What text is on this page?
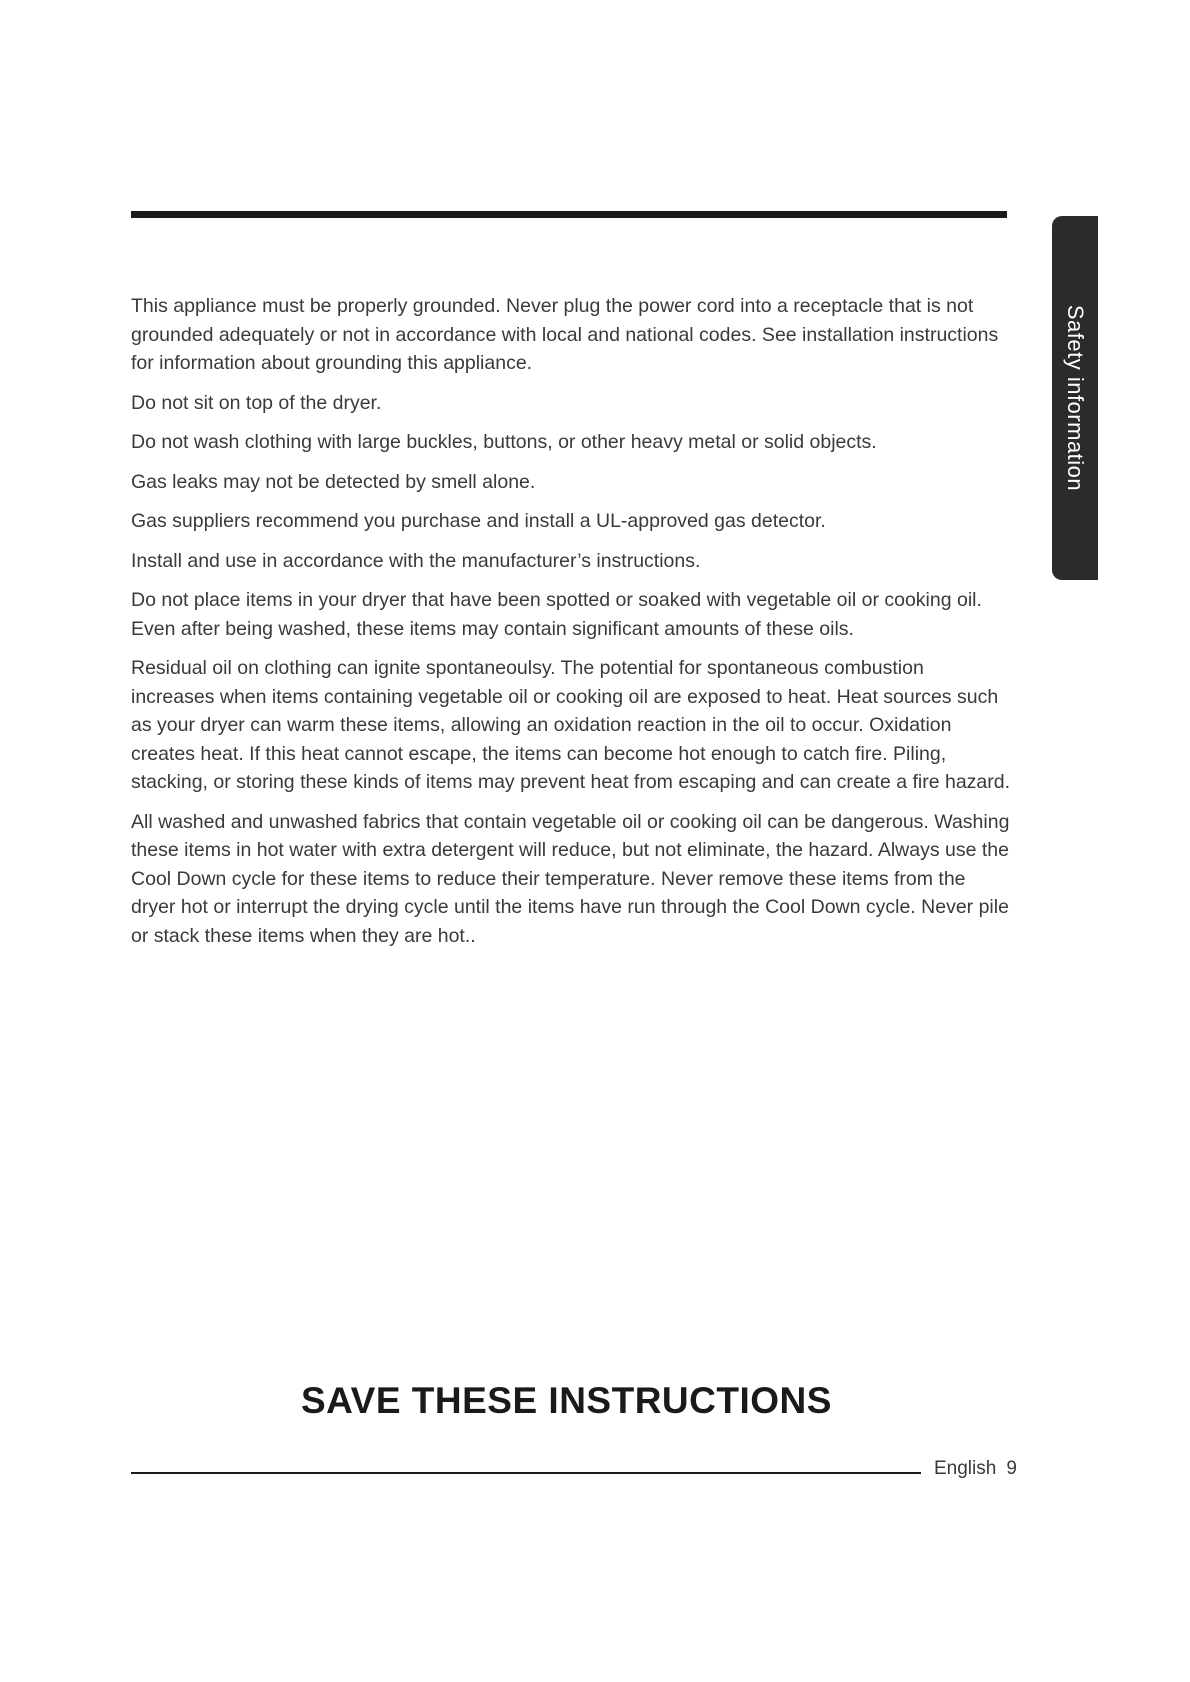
Safety information

This appliance must be properly grounded. Never plug the power cord into a receptacle that is not grounded adequately or not in accordance with local and national codes. See installation instructions for information about grounding this appliance.

Do not sit on top of the dryer.

Do not wash clothing with large buckles, buttons, or other heavy metal or solid objects.

Gas leaks may not be detected by smell alone.

Gas suppliers recommend you purchase and install a UL-approved gas detector.

Install and use in accordance with the manufacturer’s instructions.

Do not place items in your dryer that have been spotted or soaked with vegetable oil or cooking oil. Even after being washed, these items may contain significant amounts of these oils.

Residual oil on clothing can ignite spontaneoulsy. The potential for spontaneous combustion increases when items containing vegetable oil or cooking oil are exposed to heat. Heat sources such as your dryer can warm these items, allowing an oxidation reaction in the oil to occur. Oxidation creates heat. If this heat cannot escape, the items can become hot enough to catch fire. Piling, stacking, or storing these kinds of items may prevent heat from escaping and can create a fire hazard.

All washed and unwashed fabrics that contain vegetable oil or cooking oil can be dangerous. Washing these items in hot water with extra detergent will reduce, but not eliminate, the hazard. Always use the Cool Down cycle for these items to reduce their temperature. Never remove these items from the dryer hot or interrupt the drying cycle until the items have run through the Cool Down cycle. Never pile or stack these items when they are hot..

SAVE THESE INSTRUCTIONS
English 9
